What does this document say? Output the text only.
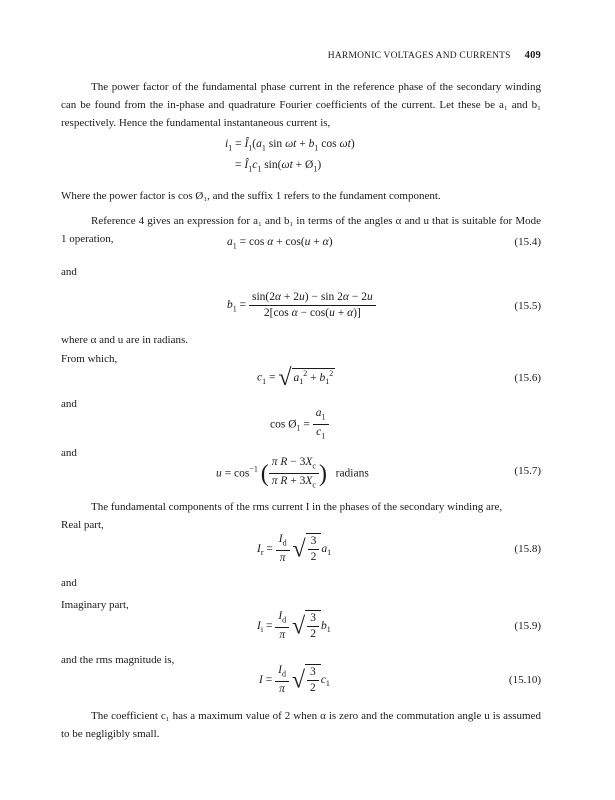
HARMONIC VOLTAGES AND CURRENTS 409
The power factor of the fundamental phase current in the reference phase of the secondary winding can be found from the in-phase and quadrature Fourier coefficients of the current. Let these be a₁ and b₁ respectively. Hence the fundamental instantaneous current is,
$i_1$ = $Î_1(a_1$ $\sin \omega t + b_1$ cos ωt)
= $Î_1c_1$ $\sin(\omega t + Ø_1)$
Where the power factor is cos Ø₁, and the suffix 1 refers to the fundament component.
Reference 4 gives an expression for a₁ and b₁ in terms of the angles α and u that is suitable for Mode 1 operation,	$a_1 = \cos \alpha + \cos(u + \alpha)$	(15.4)
and
$b_1 = \frac{\sin(2\alpha + 2u) - \sin 2\alpha - 2u}{\text{2[cos α − cos(u + α)]}}$	(15.5)
where α and u are in radians.
From which,
$c_1$ = √ $a_1^2 + b_1^2$	(15.6)
and
$\cos Ø_1 = \frac{a_1}{c_1}$
and
$u = \cos^{-1}$ ( $\frac{\pi R - 3X_c}{\pi R + 3X_c}$ ) radians	(15.7)
The fundamental components of the rms current I in the phases of the secondary winding are,
Real part,
$I_r = \frac{I_d}{\pi}$ √ $\frac{3}{2} a_1$	(15.8)
and
Imaginary part,
$I_i = \frac{I_d}{\pi}$ √ $\frac{3}{2} b_1$	(15.9)
and the rms magnitude is,
$I = \frac{I_d}{\pi}$ √ $\frac{3}{2} c_1$	(15.10)
The coefficient c₁ has a maximum value of 2 when α is zero and the commutation angle u is assumed to be negligibly small.
